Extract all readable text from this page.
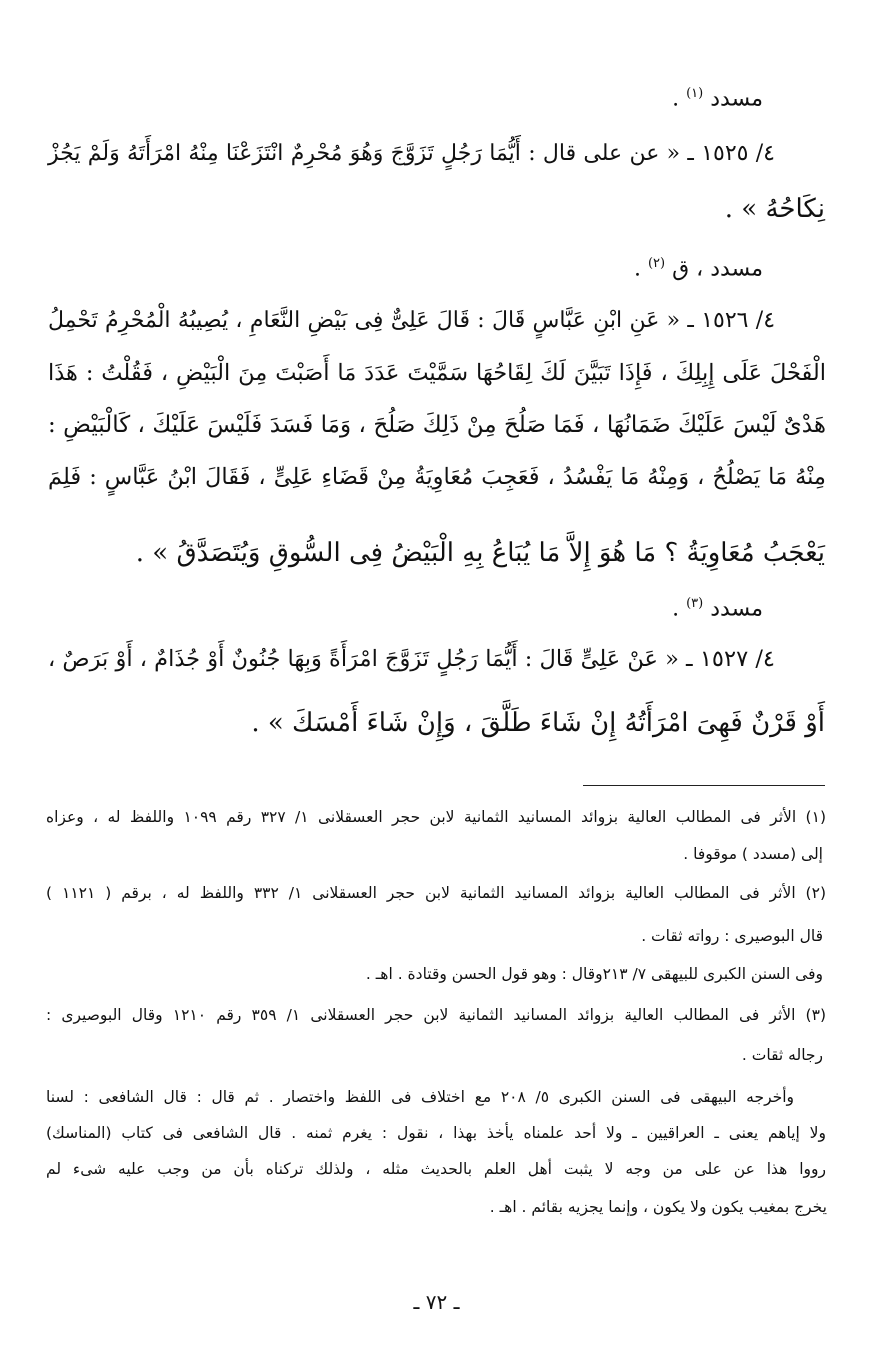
مسدد $^{(١)}$ .
٤/ ١٥٢٥ ـ « عن على قال : أَيُّمَا رَجُلٍ تَزَوَّجَ وَهُوَ مُحْرِمٌ انْتَزَعْنَا مِنْهُ امْرَأَتَهُ وَلَمْ يَجُزْ
نِكَاحُهُ » .
مسدد ، ق $^{(٢)}$ .
٤/ ١٥٢٦ ـ « عَنِ ابْنِ عَبَّاسٍ قَالَ : قَالَ عَلِىٌّ فِى بَيْضِ النَّعَامِ ، يُصِيبُهُ الْمُحْرِمُ تَحْمِلُ
الْفَحْلَ عَلَى إِبِلِكَ ، فَإِذَا تَبَيَّنَ لَكَ لِقَاحُهَا سَمَّيْتَ عَدَدَ مَا أَصَبْتَ مِنَ الْبَيْضِ ، فَقُلْتُ : هَذَا
هَدْىٌ لَيْسَ عَلَيْكَ ضَمَانُهَا ، فَمَا صَلُحَ مِنْ ذَلِكَ صَلُحَ ، وَمَا فَسَدَ فَلَيْسَ عَلَيْكَ ، كَالْبَيْضِ :
مِنْهُ مَا يَصْلُحُ ، وَمِنْهُ مَا يَفْسُدُ ، فَعَجِبَ مُعَاوِيَةُ مِنْ قَضَاءِ عَلِىٍّ ، فَقَالَ ابْنُ عَبَّاسٍ : فَلِمَ
يَعْجَبُ مُعَاوِيَةُ ؟ مَا هُوَ إِلاَّ مَا يُبَاعُ بِهِ الْبَيْضُ فِى السُّوقِ وَيُتَصَدَّقُ » .
مسدد $^{(٣)}$ .
٤/ ١٥٢٧ ـ « عَنْ عَلِىٍّ قَالَ : أَيُّمَا رَجُلٍ تَزَوَّجَ امْرَأَةً وَبِهَا جُنُونٌ أَوْ جُذَامٌ ، أَوْ بَرَصٌ ،
أَوْ قَرْنٌ فَهِىَ امْرَأَتُهُ إِنْ شَاءَ طَلَّقَ ، وَإِنْ شَاءَ أَمْسَكَ » .
(١) الأثر فى المطالب العالية بزوائد المسانيد الثمانية لابن حجر العسقلانى ١/ ٣٢٧ رقم ١٠٩٩ واللفظ له ، وعزاه
إلى (مسدد ) موقوفا .
(٢) الأثر فى المطالب العالية بزوائد المسانيد الثمانية لابن حجر العسقلانى ١/ ٣٣٢ واللفظ له ، برقم ( ١١٢١ )
قال البوصيرى : رواته ثقات .
وفى السنن الكبرى للبيهقى ٧/ ٢١٣وقال : وهو قول الحسن وقتادة . اهـ .
(٣) الأثر فى المطالب العالية بزوائد المسانيد الثمانية لابن حجر العسقلانى ١/ ٣٥٩ رقم ١٢١٠ وقال البوصيرى :
رجاله ثقات .
وأخرجه البيهقى فى السنن الكبرى ٥/ ٢٠٨ مع اختلاف فى اللفظ واختصار . ثم قال : قال الشافعى : لسنا
ولا إياهم يعنى ـ العراقيين ـ ولا أحد علمناه يأخذ بهذا ، نقول : يغرم ثمنه . قال الشافعى فى كتاب (المناسك)
رووا هذا عن على من وجه لا يثبت أهل العلم بالحديث مثله ، ولذلك تركناه بأن من وجب عليه شىء لم
يخرج بمغيب يكون ولا يكون ، وإنما يجزيه بقائم . اهـ .
ـ ٧٢ ـ
